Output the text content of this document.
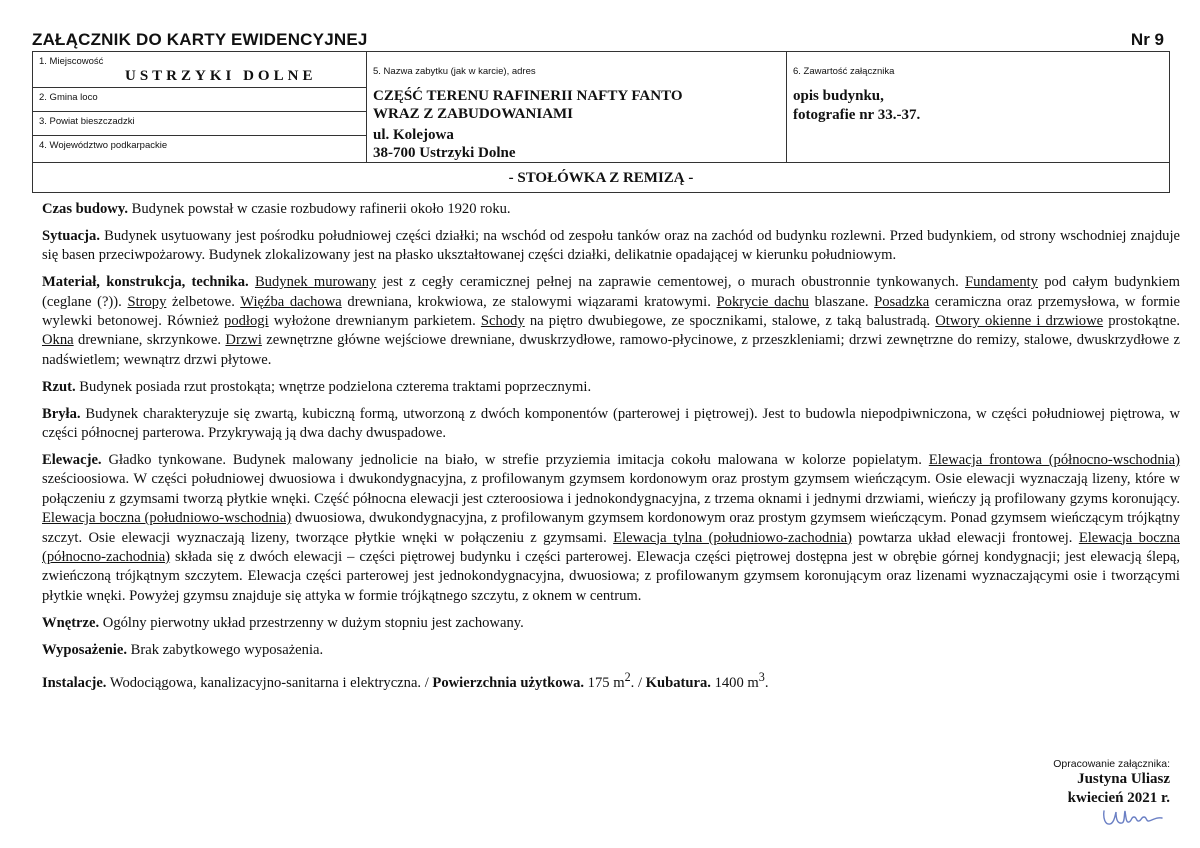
ZAŁĄCZNIK DO KARTY EWIDENCYJNEJ	Nr 9
1. Miejscowość
USTRZYKI DOLNE
2. Gmina loco
3. Powiat bieszczadzki
4. Województwo podkarpackie
5. Nazwa zabytku (jak w karcie), adres
CZĘŚĆ TERENU RAFINERII NAFTY FANTO
WRAZ Z ZABUDOWANIAMI
ul. Kolejowa
38-700 Ustrzyki Dolne
6. Zawartość załącznika
opis budynku,
fotografie nr 33.-37.
- STOŁÓWKA Z REMIZĄ -

Czas budowy. Budynek powstał w czasie rozbudowy rafinerii około 1920 roku.

Sytuacja. Budynek usytuowany jest pośrodku południowej części działki; na wschód od zespołu tanków oraz na zachód od budynku rozlewni. Przed budynkiem, od strony wschodniej znajduje się basen przeciwpożarowy. Budynek zlokalizowany jest na płasko ukształtowanej części działki, delikatnie opadającej w kierunku południowym.

Materiał, konstrukcja, technika. Budynek murowany jest z cegły ceramicznej pełnej na zaprawie cementowej, o murach obustronnie tynkowanych. Fundamenty pod całym budynkiem (ceglane (?)). Stropy żelbetowe. Więźba dachowa drewniana, krokwiowa, ze stalowymi wiązarami kratowymi. Pokrycie dachu blaszane. Posadzka ceramiczna oraz przemysłowa, w formie wylewki betonowej. Również podłogi wyłożone drewnianym parkietem. Schody na piętro dwubiegowe, ze spocznikami, stalowe, z taką balustradą. Otwory okienne i drzwiowe prostokątne. Okna drewniane, skrzynkowe. Drzwi zewnętrzne główne wejściowe drewniane, dwuskrzydłowe, ramowo-płycinowe, z przeszkleniami; drzwi zewnętrzne do remizy, stalowe, dwuskrzydłowe z nadświetlem; wewnątrz drzwi płytowe.

Rzut. Budynek posiada rzut prostokąta; wnętrze podzielona czterema traktami poprzecznymi.

Bryła. Budynek charakteryzuje się zwartą, kubiczną formą, utworzoną z dwóch komponentów (parterowej i piętrowej). Jest to budowla niepodpiwniczona, w części południowej piętrowa, w części północnej parterowa. Przykrywają ją dwa dachy dwuspadowe.

Elewacje. Gładko tynkowane. Budynek malowany jednolicie na biało, w strefie przyziemia imitacja cokołu malowana w kolorze popielatym. Elewacja frontowa (północno-wschodnia) sześcioosiowa. W części południowej dwuosiowa i dwukondygnacyjna, z profilowanym gzymsem kordonowym oraz prostym gzymsem wieńczącym. Osie elewacji wyznaczają lizeny, które w połączeniu z gzymsami tworzą płytkie wnęki. Część północna elewacji jest czteroosiowa i jednokondygnacyjna, z trzema oknami i jednymi drzwiami, wieńczy ją profilowany gzyms koronujący. Elewacja boczna (południowo-wschodnia) dwuosiowa, dwukondygnacyjna, z profilowanym gzymsem kordonowym oraz prostym gzymsem wieńczącym. Ponad gzymsem wieńczącym trójkątny szczyt. Osie elewacji wyznaczają lizeny, tworzące płytkie wnęki w połączeniu z gzymsami. Elewacja tylna (południowo-zachodnia) powtarza układ elewacji frontowej. Elewacja boczna (północno-zachodnia) składa się z dwóch elewacji – części piętrowej budynku i części parterowej. Elewacja części piętrowej dostępna jest w obrębie górnej kondygnacji; jest elewacją ślepą, zwieńczoną trójkątnym szczytem. Elewacja części parterowej jest jednokondygnacyjna, dwuosiowa; z profilowanym gzymsem koronującym oraz lizenami wyznaczającymi osie i tworzącymi płytkie wnęki. Powyżej gzymsu znajduje się attyka w formie trójkątnego szczytu, z oknem w centrum.

Wnętrze. Ogólny pierwotny układ przestrzenny w dużym stopniu jest zachowany.

Wyposażenie. Brak zabytkowego wyposażenia.

Instalacje. Wodociągowa, kanalizacyjno-sanitarna i elektryczna. / Powierzchnia użytkowa. 175 $m^2$. / Kubatura. 1400 $m^3$.

Opracowanie załącznika:
Justyna Uliasz
kwiecień 2021 r.
